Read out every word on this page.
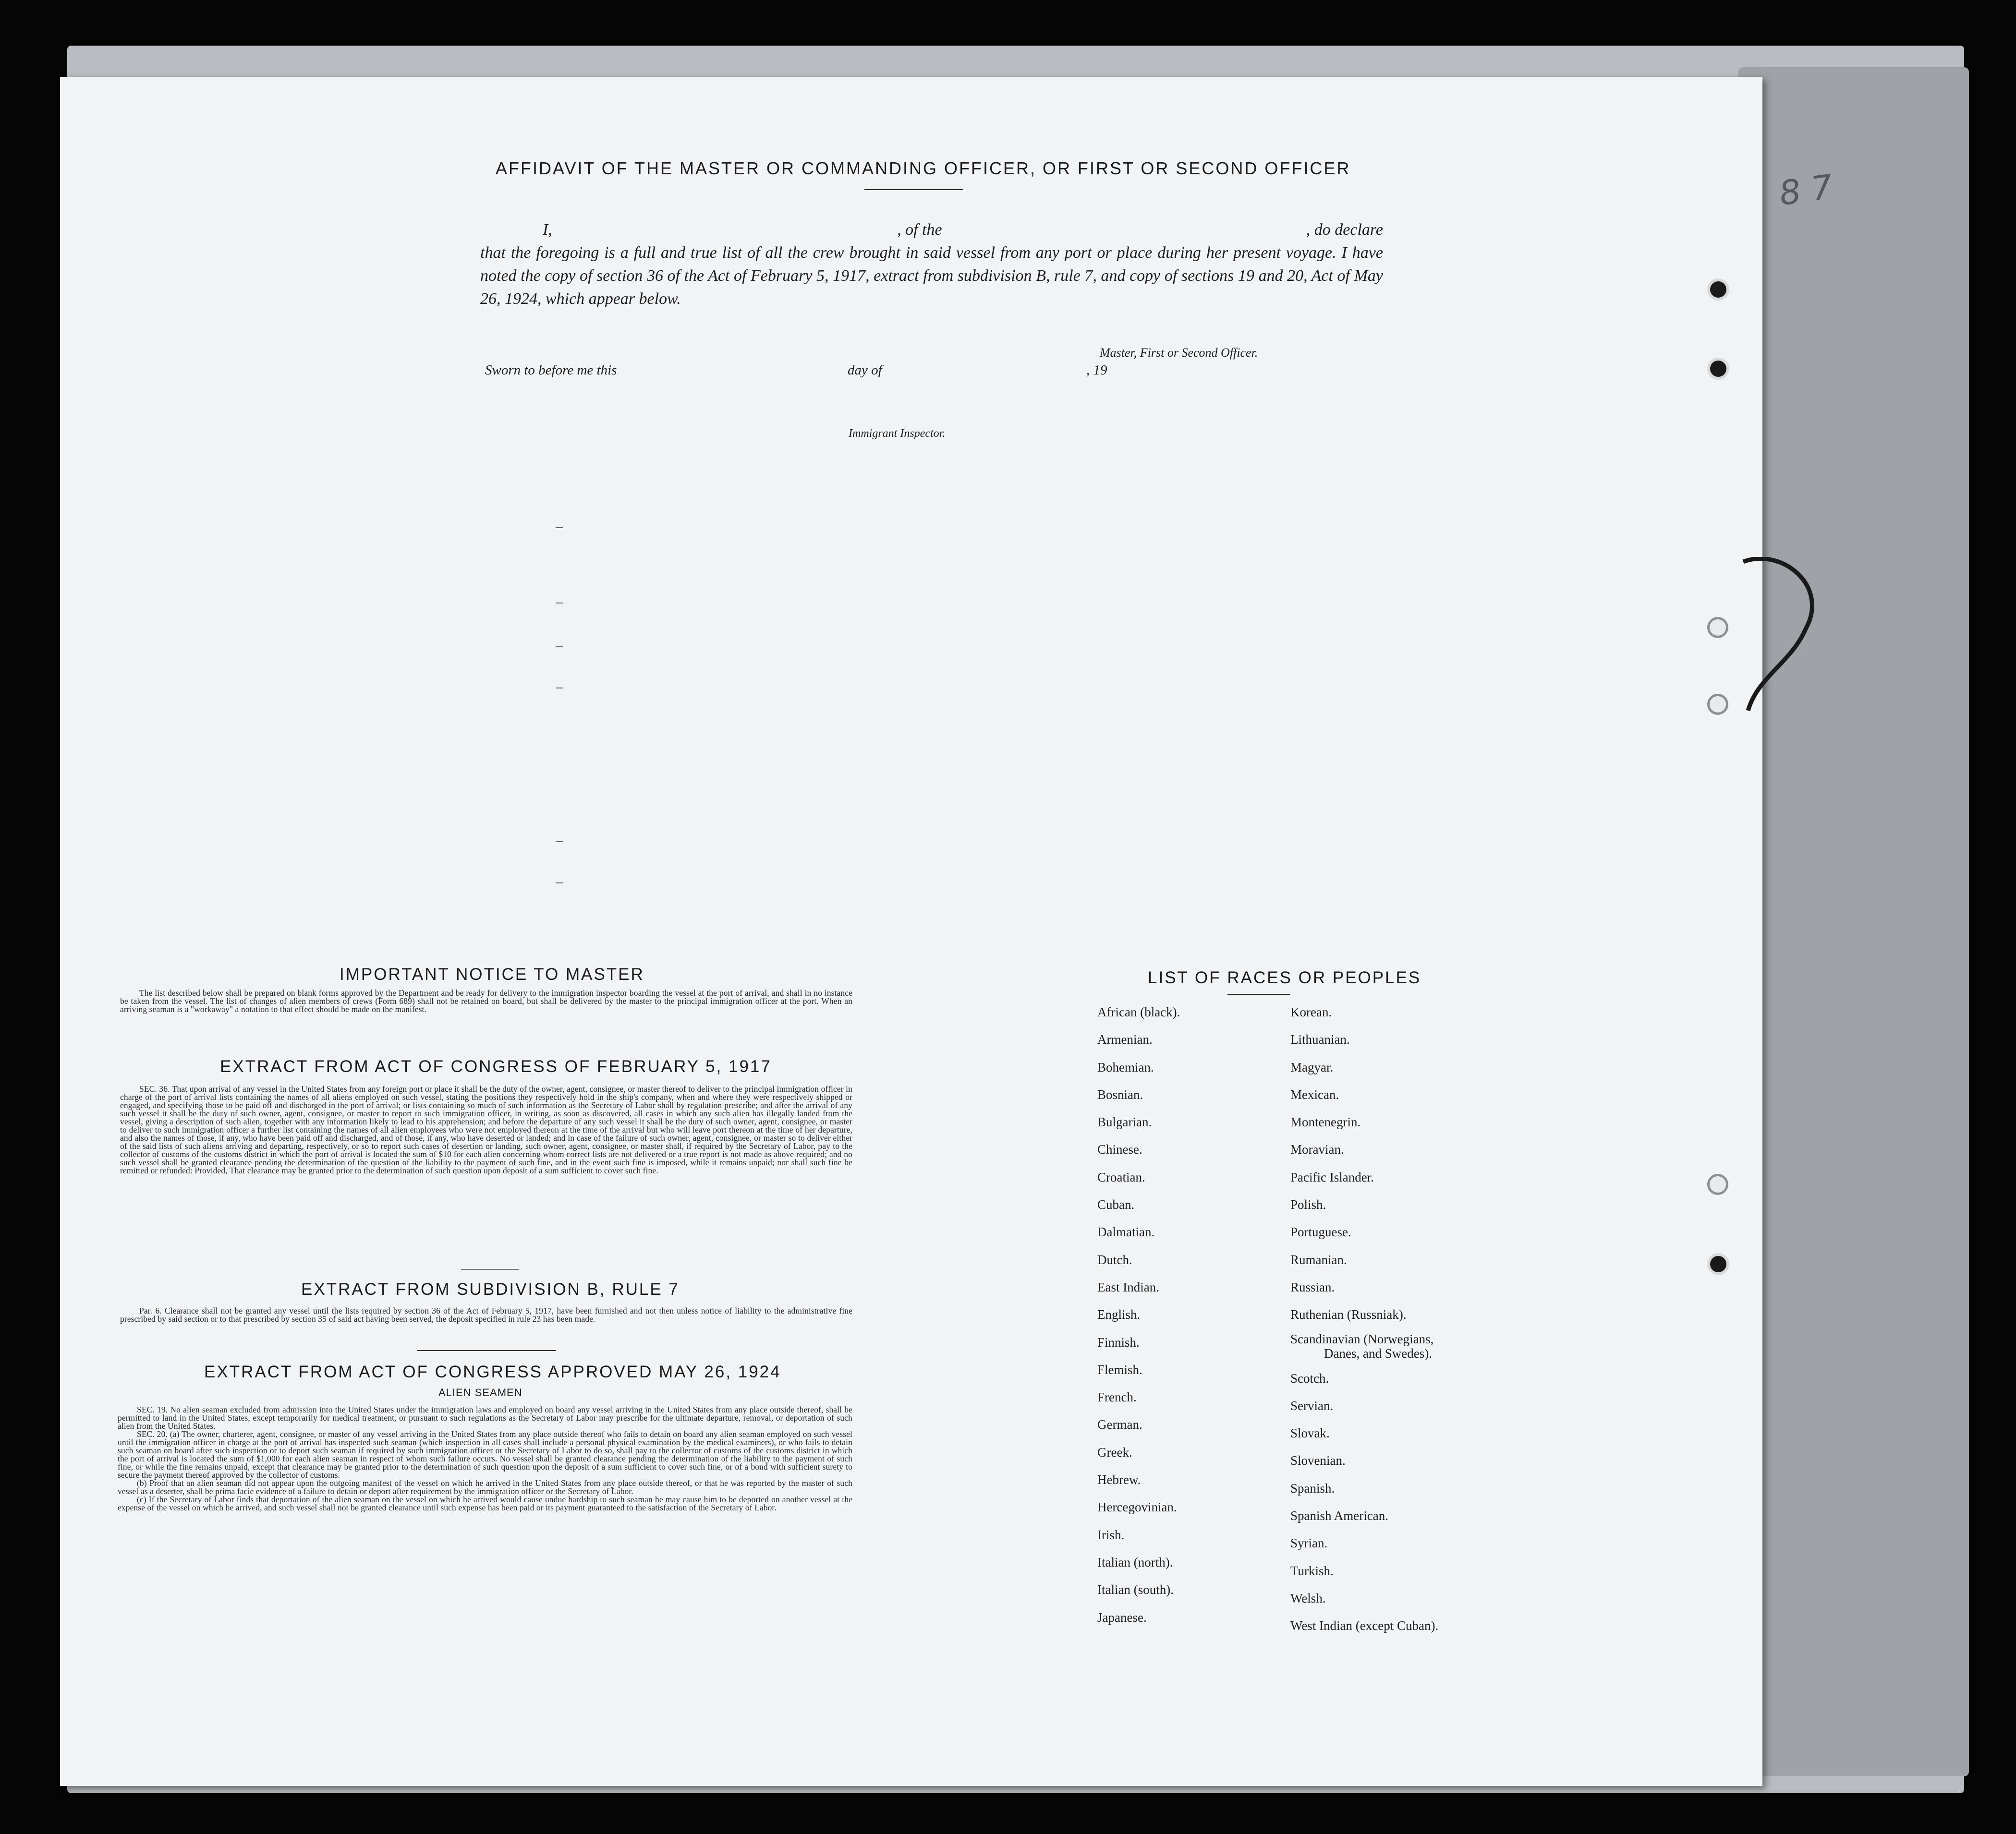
8 7
AFFIDAVIT OF THE MASTER OR COMMANDING OFFICER, OR FIRST OR SECOND OFFICER
I,	, of the	, do declare
that the foregoing is a full and true list of all the crew brought in said vessel from any port or place during her present voyage. I have noted the copy of section 36 of the Act of February 5, 1917, extract from subdivision B, rule 7, and copy of sections 19 and 20, Act of May 26, 1924, which appear below.
Master, First or Second Officer.
Sworn to before me this	day of	, 19
Immigrant Inspector.
IMPORTANT NOTICE TO MASTER

The list described below shall be prepared on blank forms approved by the Department and be ready for delivery to the immigration inspector boarding the vessel at the port of arrival, and shall in no instance be taken from the vessel. The list of changes of alien members of crews (Form 689) shall not be retained on board, but shall be delivered by the master to the principal immigration officer at the port. When an arriving seaman is a "workaway" a notation to that effect should be made on the manifest.

EXTRACT FROM ACT OF CONGRESS OF FEBRUARY 5, 1917

SEC. 36. That upon arrival of any vessel in the United States from any foreign port or place it shall be the duty of the owner, agent, consignee, or master thereof to deliver to the principal immigration officer in charge of the port of arrival lists containing the names of all aliens employed on such vessel, stating the positions they respectively hold in the ship's company, when and where they were respectively shipped or engaged, and specifying those to be paid off and discharged in the port of arrival; or lists containing so much of such information as the Secretary of Labor shall by regulation prescribe; and after the arrival of any such vessel it shall be the duty of such owner, agent, consignee, or master to report to such immigration officer, in writing, as soon as discovered, all cases in which any such alien has illegally landed from the vessel, giving a description of such alien, together with any information likely to lead to his apprehension; and before the departure of any such vessel it shall be the duty of such owner, agent, consignee, or master to deliver to such immigration officer a further list containing the names of all alien employees who were not employed thereon at the time of the arrival but who will leave port thereon at the time of her departure, and also the names of those, if any, who have been paid off and discharged, and of those, if any, who have deserted or landed; and in case of the failure of such owner, agent, consignee, or master so to deliver either of the said lists of such aliens arriving and departing, respectively, or so to report such cases of desertion or landing, such owner, agent, consignee, or master shall, if required by the Secretary of Labor, pay to the collector of customs of the customs district in which the port of arrival is located the sum of $10 for each alien concerning whom correct lists are not delivered or a true report is not made as above required; and no such vessel shall be granted clearance pending the determination of the question of the liability to the payment of such fine, and in the event such fine is imposed, while it remains unpaid; nor shall such fine be remitted or refunded: Provided, That clearance may be granted prior to the determination of such question upon deposit of a sum sufficient to cover such fine.

EXTRACT FROM SUBDIVISION B, RULE 7

Par. 6. Clearance shall not be granted any vessel until the lists required by section 36 of the Act of February 5, 1917, have been furnished and not then unless notice of liability to the administrative fine prescribed by said section or to that prescribed by section 35 of said act having been served, the deposit specified in rule 23 has been made.

EXTRACT FROM ACT OF CONGRESS APPROVED MAY 26, 1924
ALIEN SEAMEN

SEC. 19. No alien seaman excluded from admission into the United States under the immigration laws and employed on board any vessel arriving in the United States from any place outside thereof, shall be permitted to land in the United States, except temporarily for medical treatment, or pursuant to such regulations as the Secretary of Labor may prescribe for the ultimate departure, removal, or deportation of such alien from the United States.

SEC. 20. (a) The owner, charterer, agent, consignee, or master of any vessel arriving in the United States from any place outside thereof who fails to detain on board any alien seaman employed on such vessel until the immigration officer in charge at the port of arrival has inspected such seaman (which inspection in all cases shall include a personal physical examination by the medical examiners), or who fails to detain such seaman on board after such inspection or to deport such seaman if required by such immigration officer or the Secretary of Labor to do so, shall pay to the collector of customs of the customs district in which the port of arrival is located the sum of $1,000 for each alien seaman in respect of whom such failure occurs. No vessel shall be granted clearance pending the determination of the liability to the payment of such fine, or while the fine remains unpaid, except that clearance may be granted prior to the determination of such question upon the deposit of a sum sufficient to cover such fine, or of a bond with sufficient surety to secure the payment thereof approved by the collector of customs.

(b) Proof that an alien seaman did not appear upon the outgoing manifest of the vessel on which he arrived in the United States from any place outside thereof, or that he was reported by the master of such vessel as a deserter, shall be prima facie evidence of a failure to detain or deport after requirement by the immigration officer or the Secretary of Labor.

(c) If the Secretary of Labor finds that deportation of the alien seaman on the vessel on which he arrived would cause undue hardship to such seaman he may cause him to be deported on another vessel at the expense of the vessel on which he arrived, and such vessel shall not be granted clearance until such expense has been paid or its payment guaranteed to the satisfaction of the Secretary of Labor.

LIST OF RACES OR PEOPLES
African (black).
Armenian.
Bohemian.
Bosnian.
Bulgarian.
Chinese.
Croatian.
Cuban.
Dalmatian.
Dutch.
East Indian.
English.
Finnish.
Flemish.
French.
German.
Greek.
Hebrew.
Hercegovinian.
Irish.
Italian (north).
Italian (south).
Japanese.
Korean.
Lithuanian.
Magyar.
Mexican.
Montenegrin.
Moravian.
Pacific Islander.
Polish.
Portuguese.
Rumanian.
Russian.
Ruthenian (Russniak).
Scandinavian (Norwegians,
Danes, and Swedes).
Scotch.
Servian.
Slovak.
Slovenian.
Spanish.
Spanish American.
Syrian.
Turkish.
Welsh.
West Indian (except Cuban).
